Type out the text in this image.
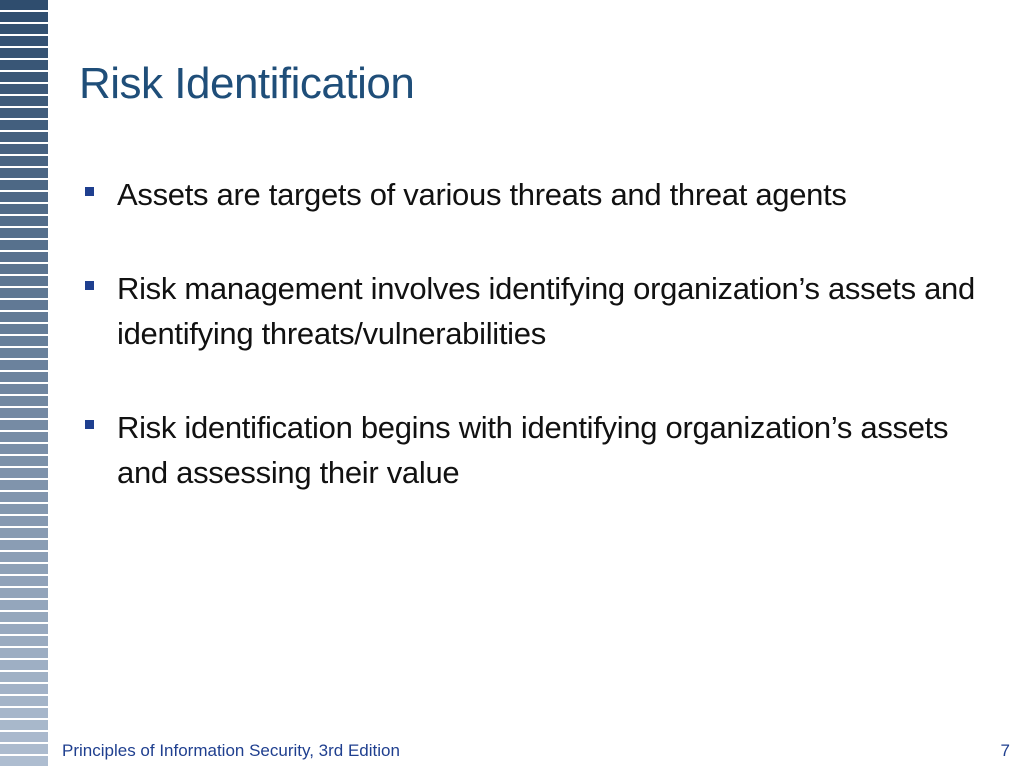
Risk Identification
Assets are targets of various threats and threat agents
Risk management involves identifying organization’s assets and identifying threats/vulnerabilities
Risk identification begins with identifying organization’s assets and assessing their value
Principles of Information Security, 3rd Edition	7
